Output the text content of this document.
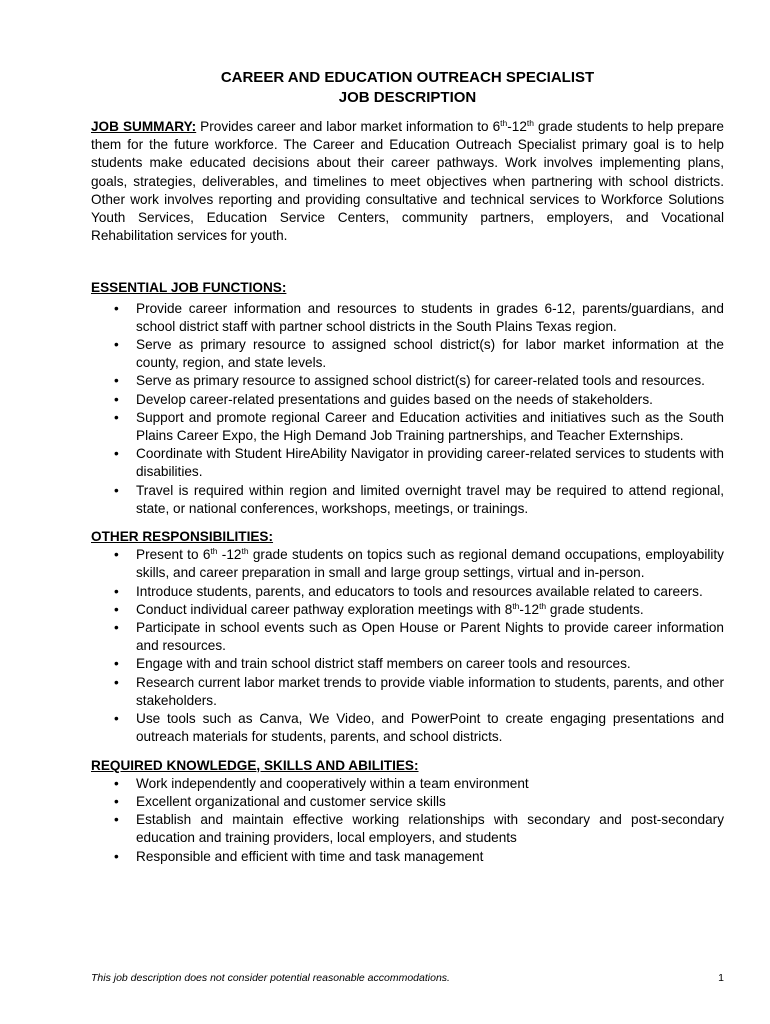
CAREER AND EDUCATION OUTREACH SPECIALIST

JOB DESCRIPTION

JOB SUMMARY: Provides career and labor market information to 6th-12th grade students to help prepare them for the future workforce. The Career and Education Outreach Specialist primary goal is to help students make educated decisions about their career pathways. Work involves implementing plans, goals, strategies, deliverables, and timelines to meet objectives when partnering with school districts. Other work involves reporting and providing consultative and technical services to Workforce Solutions Youth Services, Education Service Centers, community partners, employers, and Vocational Rehabilitation services for youth.

ESSENTIAL JOB FUNCTIONS:

• Provide career information and resources to students in grades 6-12, parents/guardians, and school district staff with partner school districts in the South Plains Texas region.
• Serve as primary resource to assigned school district(s) for labor market information at the county, region, and state levels.
• Serve as primary resource to assigned school district(s) for career-related tools and resources.
• Develop career-related presentations and guides based on the needs of stakeholders.
• Support and promote regional Career and Education activities and initiatives such as the South Plains Career Expo, the High Demand Job Training partnerships, and Teacher Externships.
• Coordinate with Student HireAbility Navigator in providing career-related services to students with disabilities.
• Travel is required within region and limited overnight travel may be required to attend regional, state, or national conferences, workshops, meetings, or trainings.

OTHER RESPONSIBILITIES:

• Present to 6th -12th grade students on topics such as regional demand occupations, employability skills, and career preparation in small and large group settings, virtual and in-person.
• Introduce students, parents, and educators to tools and resources available related to careers.
• Conduct individual career pathway exploration meetings with 8th-12th grade students.
• Participate in school events such as Open House or Parent Nights to provide career information and resources.
• Engage with and train school district staff members on career tools and resources.
• Research current labor market trends to provide viable information to students, parents, and other stakeholders.
• Use tools such as Canva, We Video, and PowerPoint to create engaging presentations and outreach materials for students, parents, and school districts.

REQUIRED KNOWLEDGE, SKILLS AND ABILITIES:

• Work independently and cooperatively within a team environment
• Excellent organizational and customer service skills
• Establish and maintain effective working relationships with secondary and post-secondary education and training providers, local employers, and students
• Responsible and efficient with time and task management
This job description does not consider potential reasonable accommodations.	1
